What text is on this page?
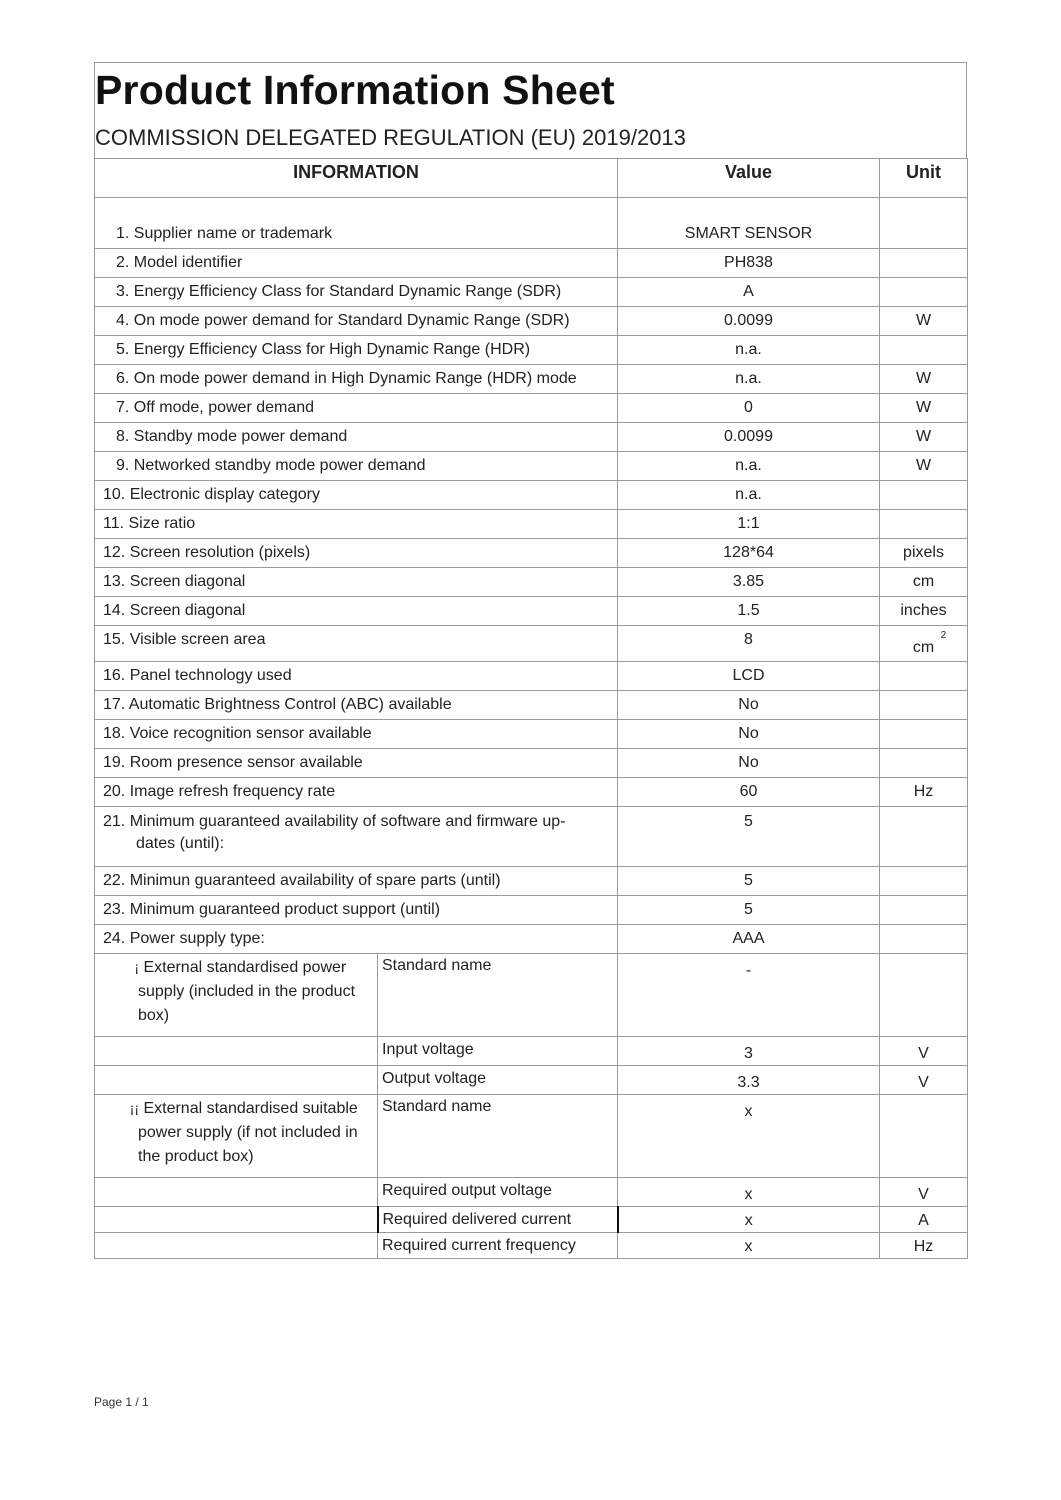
Product Information Sheet
COMMISSION DELEGATED REGULATION (EU) 2019/2013
INFORMATION		Value	Unit
1. Supplier name or trademark		SMART SENSOR	
2. Model identifier		PH838	
3. Energy Efficiency Class for Standard Dynamic Range (SDR)		A	
4. On mode power demand for Standard Dynamic Range (SDR)		0.0099	W
5. Energy Efficiency Class for High Dynamic Range (HDR)		n.a.	
6. On mode power demand in High Dynamic Range (HDR) mode		n.a.	W
7. Off mode, power demand		0	W
8. Standby mode power demand		0.0099	W
9. Networked standby mode power demand		n.a.	W
10. Electronic display category		n.a.	
11. Size ratio		1:1	
12. Screen resolution (pixels)		128*64	pixels
13. Screen diagonal		3.85	cm
14. Screen diagonal		1.5	inches
15. Visible screen area		8	cm
2

16. Panel technology used		LCD	
17. Automatic Brightness Control (ABC) available		No	
18. Voice recognition sensor available		No	
19. Room presence sensor available		No	
20. Image refresh frequency rate		60	Hz
21. Minimum guaranteed availability of software and firmware up-

dates (until):		5	
22. Minimun guaranteed availability of spare parts (until)		5	
23. Minimum guaranteed product support (until)		5	
24. Power supply type:		AAA	
¡ External standardised power
supply (included in the product
box)	Standard name	-	
	Input voltage	3	V
	Output voltage	3.3	V
¡¡ External standardised suitable
power supply (if not included in
the product box)	Standard name	x	
	Required output voltage	x	V
	Required delivered current	x	A
	Required current frequency	x	Hz
Page 1 / 1
